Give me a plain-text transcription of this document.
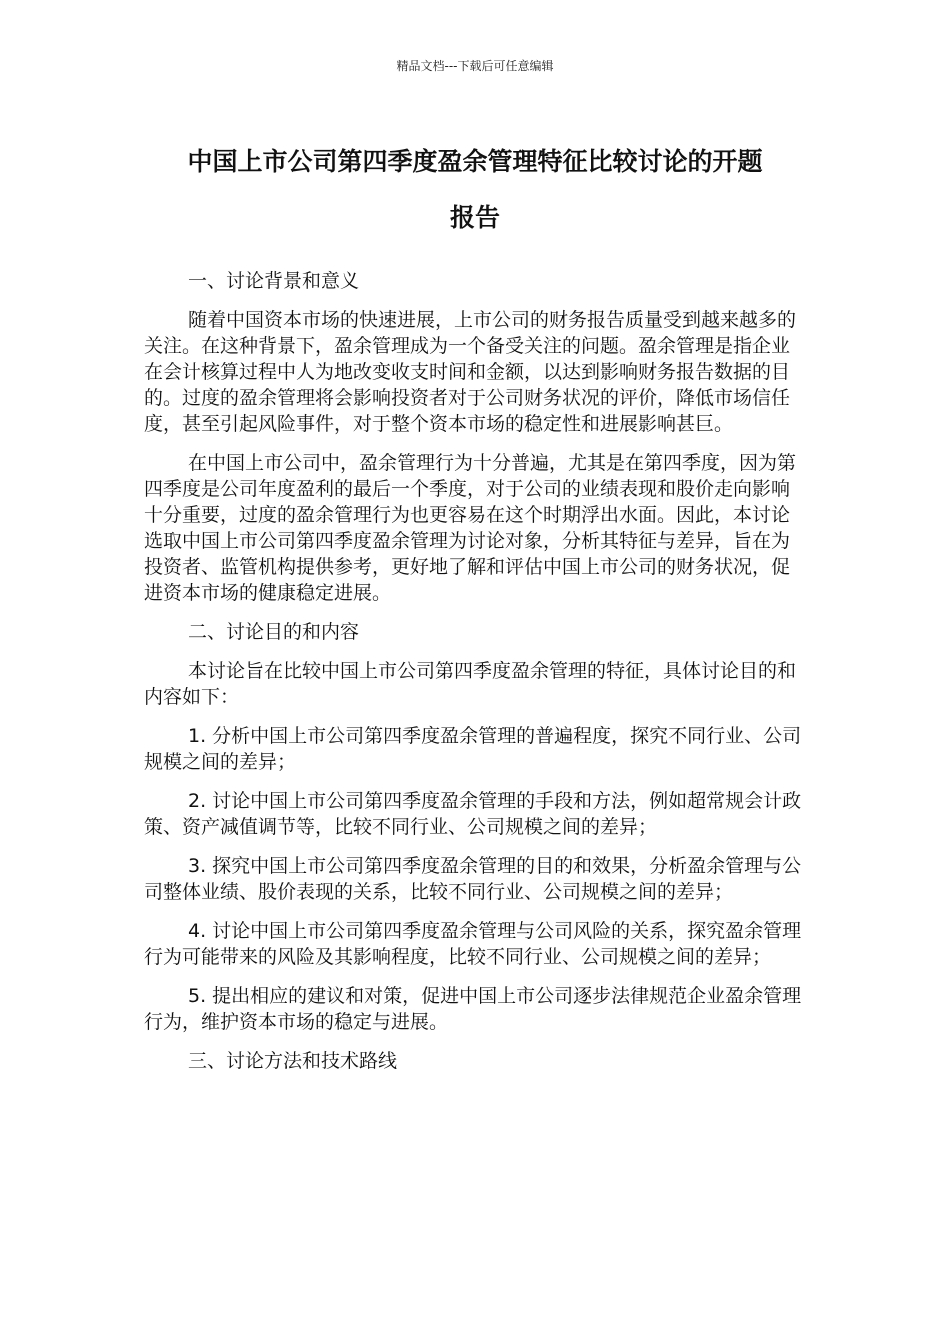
精品文档---下载后可任意编辑
中国上市公司第四季度盈余管理特征比较讨论的开题
报告

一、讨论背景和意义

随着中国资本市场的快速进展，上市公司的财务报告质量受到越来越多的关注。在这种背景下，盈余管理成为一个备受关注的问题。盈余管理是指企业在会计核算过程中人为地改变收支时间和金额，以达到影响财务报告数据的目的。过度的盈余管理将会影响投资者对于公司财务状况的评价，降低市场信任度，甚至引起风险事件，对于整个资本市场的稳定性和进展影响甚巨。

在中国上市公司中，盈余管理行为十分普遍，尤其是在第四季度，因为第四季度是公司年度盈利的最后一个季度，对于公司的业绩表现和股价走向影响十分重要，过度的盈余管理行为也更容易在这个时期浮出水面。因此，本讨论选取中国上市公司第四季度盈余管理为讨论对象，分析其特征与差异，旨在为投资者、监管机构提供参考，更好地了解和评估中国上市公司的财务状况，促进资本市场的健康稳定进展。

二、讨论目的和内容

本讨论旨在比较中国上市公司第四季度盈余管理的特征，具体讨论目的和内容如下：

1. 分析中国上市公司第四季度盈余管理的普遍程度，探究不同行业、公司规模之间的差异；

2. 讨论中国上市公司第四季度盈余管理的手段和方法，例如超常规会计政策、资产减值调节等，比较不同行业、公司规模之间的差异；

3. 探究中国上市公司第四季度盈余管理的目的和效果，分析盈余管理与公司整体业绩、股价表现的关系，比较不同行业、公司规模之间的差异；

4. 讨论中国上市公司第四季度盈余管理与公司风险的关系，探究盈余管理行为可能带来的风险及其影响程度，比较不同行业、公司规模之间的差异；

5. 提出相应的建议和对策，促进中国上市公司逐步法律规范企业盈余管理行为，维护资本市场的稳定与进展。

三、讨论方法和技术路线
